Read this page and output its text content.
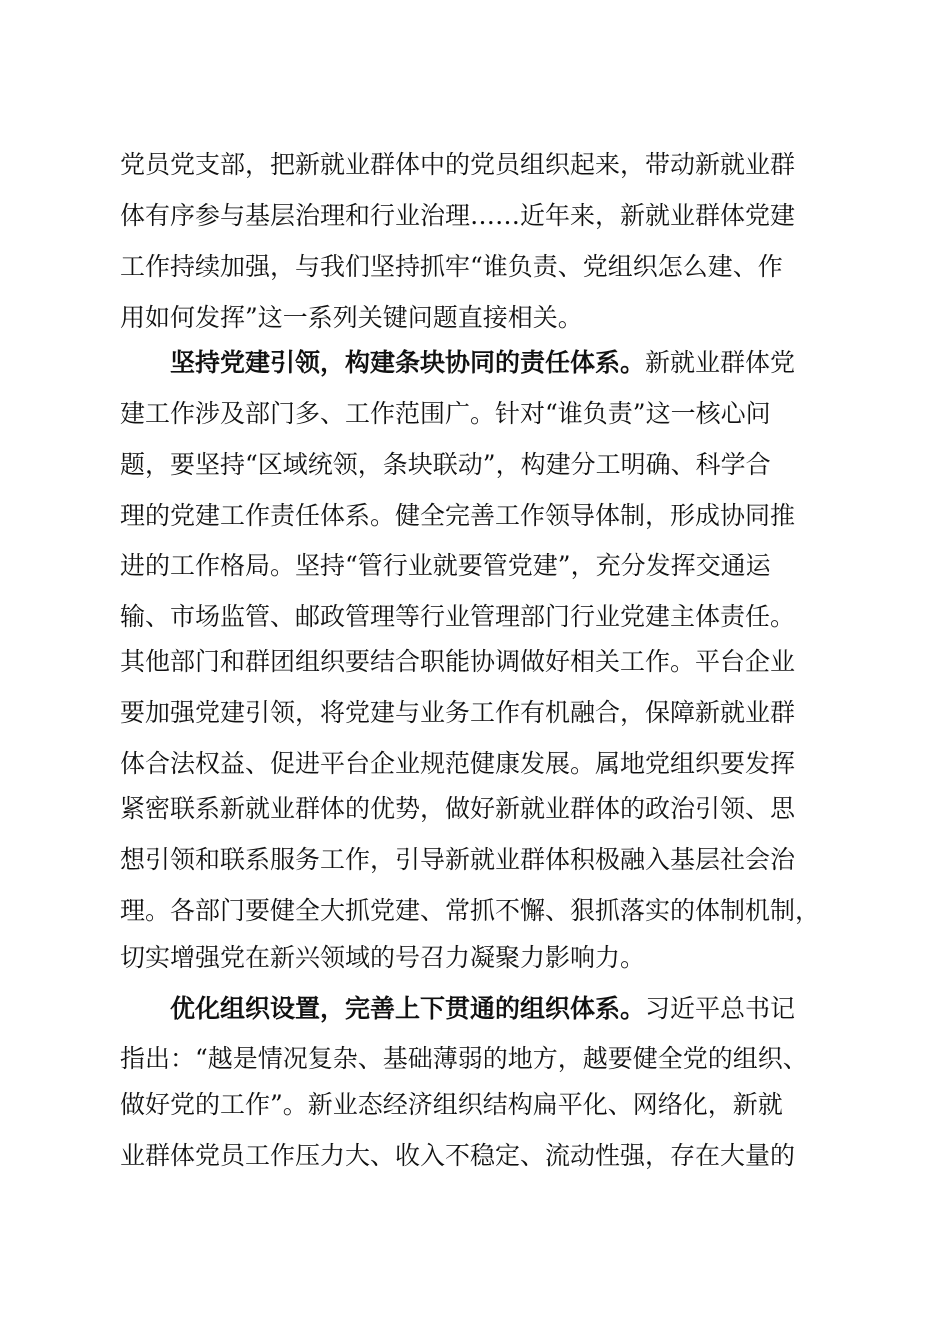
党员党支部，把新就业群体中的党员组织起来，带动新就业群
体有序参与基层治理和行业治理……近年来，新就业群体党建
工作持续加强，与我们坚持抓牢“谁负责、党组织怎么建、作
用如何发挥”这一系列关键问题直接相关。
坚持党建引领，构建条块协同的责任体系。新就业群体党
建工作涉及部门多、工作范围广。针对“谁负责”这一核心问
题，要坚持“区域统领，条块联动”，构建分工明确、科学合
理的党建工作责任体系。健全完善工作领导体制，形成协同推
进的工作格局。坚持“管行业就要管党建”，充分发挥交通运
输、市场监管、邮政管理等行业管理部门行业党建主体责任。
其他部门和群团组织要结合职能协调做好相关工作。平台企业
要加强党建引领，将党建与业务工作有机融合，保障新就业群
体合法权益、促进平台企业规范健康发展。属地党组织要发挥
紧密联系新就业群体的优势，做好新就业群体的政治引领、思
想引领和联系服务工作，引导新就业群体积极融入基层社会治
理。各部门要健全大抓党建、常抓不懈、狠抓落实的体制机制，
切实增强党在新兴领域的号召力凝聚力影响力。
优化组织设置，完善上下贯通的组织体系。习近平总书记
指出：“越是情况复杂、基础薄弱的地方，越要健全党的组织、
做好党的工作”。新业态经济组织结构扁平化、网络化，新就
业群体党员工作压力大、收入不稳定、流动性强，存在大量的
